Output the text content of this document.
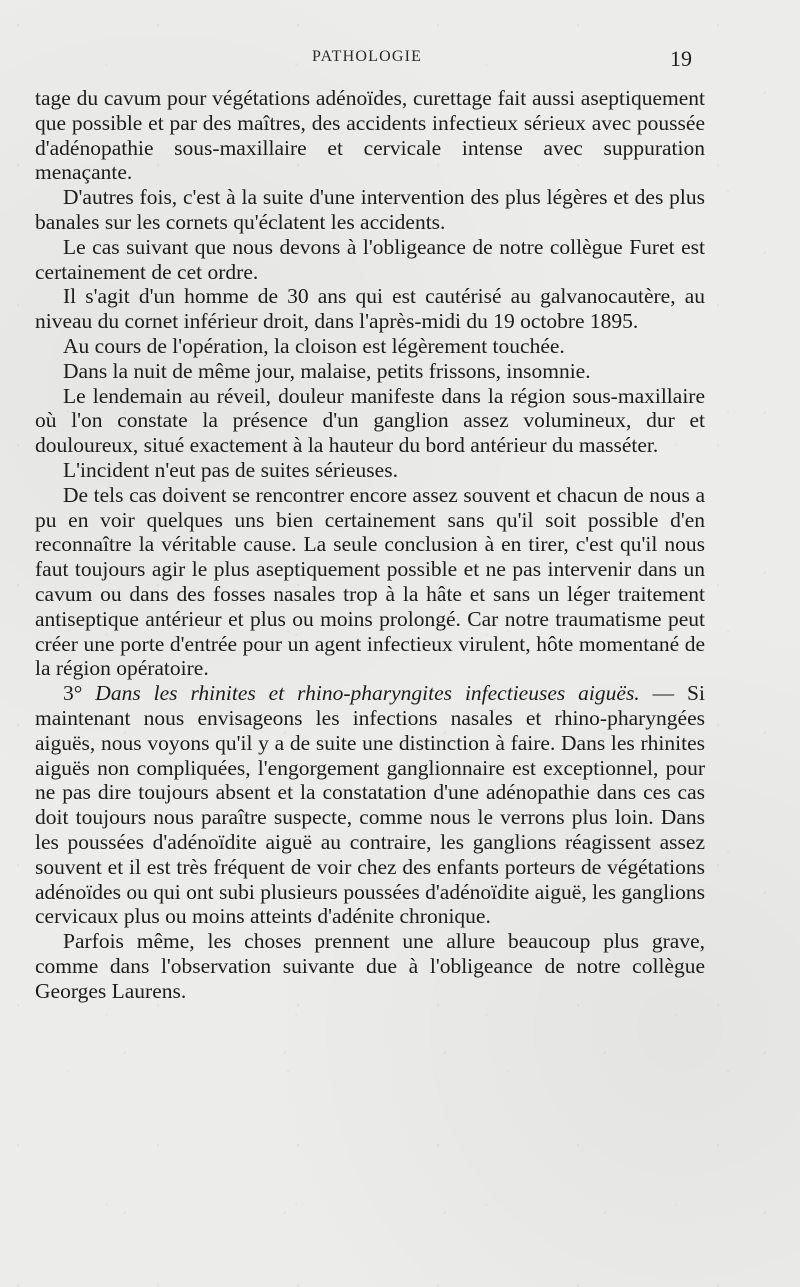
PATHOLOGIE	19

tage du cavum pour végétations adénoïdes, curettage fait aussi aseptiquement que possible et par des maîtres, des accidents infectieux sérieux avec poussée d'adénopathie sous-maxillaire et cervicale intense avec suppuration menaçante.

D'autres fois, c'est à la suite d'une intervention des plus légères et des plus banales sur les cornets qu'éclatent les accidents.

Le cas suivant que nous devons à l'obligeance de notre collègue Furet est certainement de cet ordre.

Il s'agit d'un homme de 30 ans qui est cautérisé au galvanocautère, au niveau du cornet inférieur droit, dans l'après-midi du 19 octobre 1895.

Au cours de l'opération, la cloison est légèrement touchée.

Dans la nuit de même jour, malaise, petits frissons, insomnie.

Le lendemain au réveil, douleur manifeste dans la région sous-maxillaire où l'on constate la présence d'un ganglion assez volumineux, dur et douloureux, situé exactement à la hauteur du bord antérieur du masséter.

L'incident n'eut pas de suites sérieuses.

De tels cas doivent se rencontrer encore assez souvent et chacun de nous a pu en voir quelques uns bien certainement sans qu'il soit possible d'en reconnaître la véritable cause. La seule conclusion à en tirer, c'est qu'il nous faut toujours agir le plus aseptiquement possible et ne pas intervenir dans un cavum ou dans des fosses nasales trop à la hâte et sans un léger traitement antiseptique antérieur et plus ou moins prolongé. Car notre traumatisme peut créer une porte d'entrée pour un agent infectieux virulent, hôte momentané de la région opératoire.

3° Dans les rhinites et rhino-pharyngites infectieuses aiguës. — Si maintenant nous envisageons les infections nasales et rhino-pharyngées aiguës, nous voyons qu'il y a de suite une distinction à faire. Dans les rhinites aiguës non compliquées, l'engorgement ganglionnaire est exceptionnel, pour ne pas dire toujours absent et la constatation d'une adénopathie dans ces cas doit toujours nous paraître suspecte, comme nous le verrons plus loin. Dans les poussées d'adénoïdite aiguë au contraire, les ganglions réagissent assez souvent et il est très fréquent de voir chez des enfants porteurs de végétations adénoïdes ou qui ont subi plusieurs poussées d'adénoïdite aiguë, les ganglions cervicaux plus ou moins atteints d'adénite chronique.

Parfois même, les choses prennent une allure beaucoup plus grave, comme dans l'observation suivante due à l'obligeance de notre collègue Georges Laurens.
